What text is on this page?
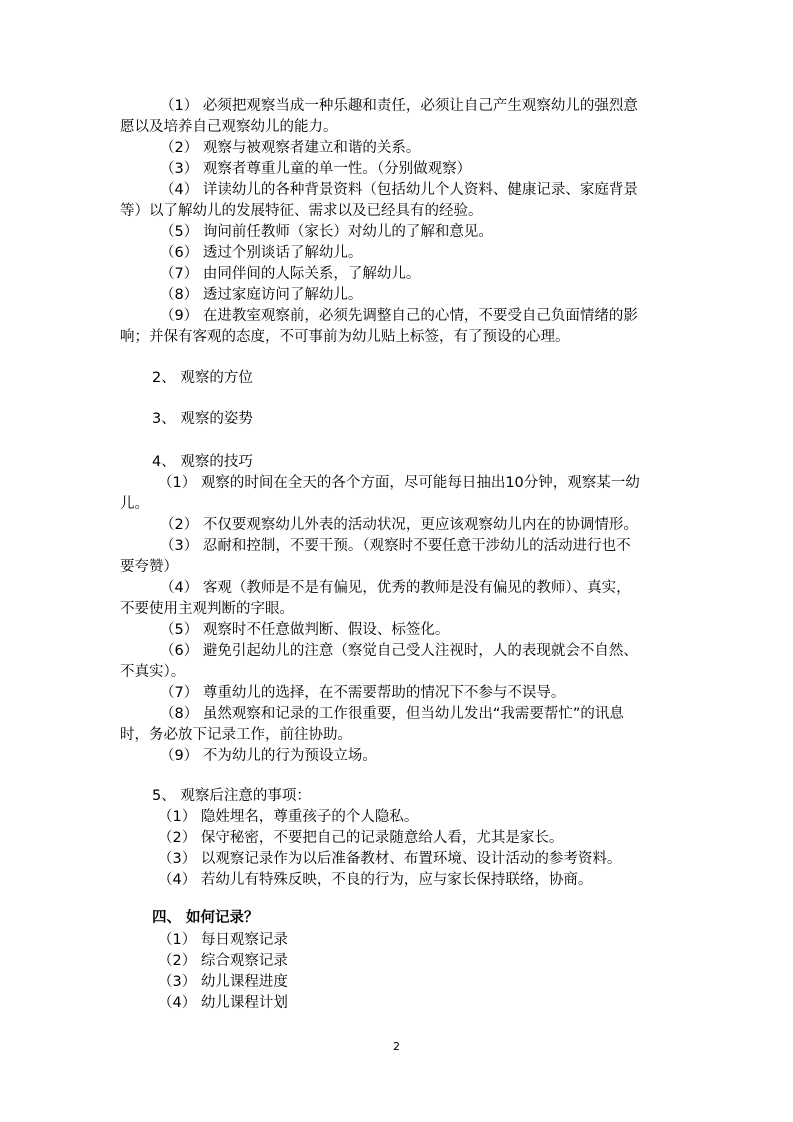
（1） 必须把观察当成一种乐趣和责任，必须让自己产生观察幼儿的强烈意
愿以及培养自己观察幼儿的能力。
（2） 观察与被观察者建立和谐的关系。
（3） 观察者尊重儿童的单一性。（分别做观察）
（4） 详读幼儿的各种背景资料（包括幼儿个人资料、健康记录、家庭背景
等）以了解幼儿的发展特征、需求以及已经具有的经验。
（5） 询问前任教师（家长）对幼儿的了解和意见。
（6） 透过个别谈话了解幼儿。
（7） 由同伴间的人际关系，了解幼儿。
（8） 透过家庭访问了解幼儿。
（9） 在进教室观察前，必须先调整自己的心情，不要受自己负面情绪的影
响；并保有客观的态度，不可事前为幼儿贴上标签，有了预设的心理。
2、 观察的方位
3、 观察的姿势
4、 观察的技巧
（1） 观察的时间在全天的各个方面，尽可能每日抽出10分钟，观察某一幼
儿。
（2） 不仅要观察幼儿外表的活动状况，更应该观察幼儿内在的协调情形。
（3） 忍耐和控制，不要干预。（观察时不要任意干涉幼儿的活动进行也不
要夸赞）
（4） 客观（教师是不是有偏见，优秀的教师是没有偏见的教师）、真实，
不要使用主观判断的字眼。
（5） 观察时不任意做判断、假设、标签化。
（6） 避免引起幼儿的注意（察觉自己受人注视时，人的表现就会不自然、
不真实）。
（7） 尊重幼儿的选择，在不需要帮助的情况下不参与不误导。
（8） 虽然观察和记录的工作很重要，但当幼儿发出“我需要帮忙”的讯息
时，务必放下记录工作，前往协助。
（9） 不为幼儿的行为预设立场。
5、 观察后注意的事项：
（1） 隐姓埋名，尊重孩子的个人隐私。
（2） 保守秘密，不要把自己的记录随意给人看，尤其是家长。
（3） 以观察记录作为以后准备教材、布置环境、设计活动的参考资料。
（4） 若幼儿有特殊反映，不良的行为，应与家长保持联络，协商。
四、 如何记录？
（1） 每日观察记录
（2） 综合观察记录
（3） 幼儿课程进度
（4） 幼儿课程计划
2
